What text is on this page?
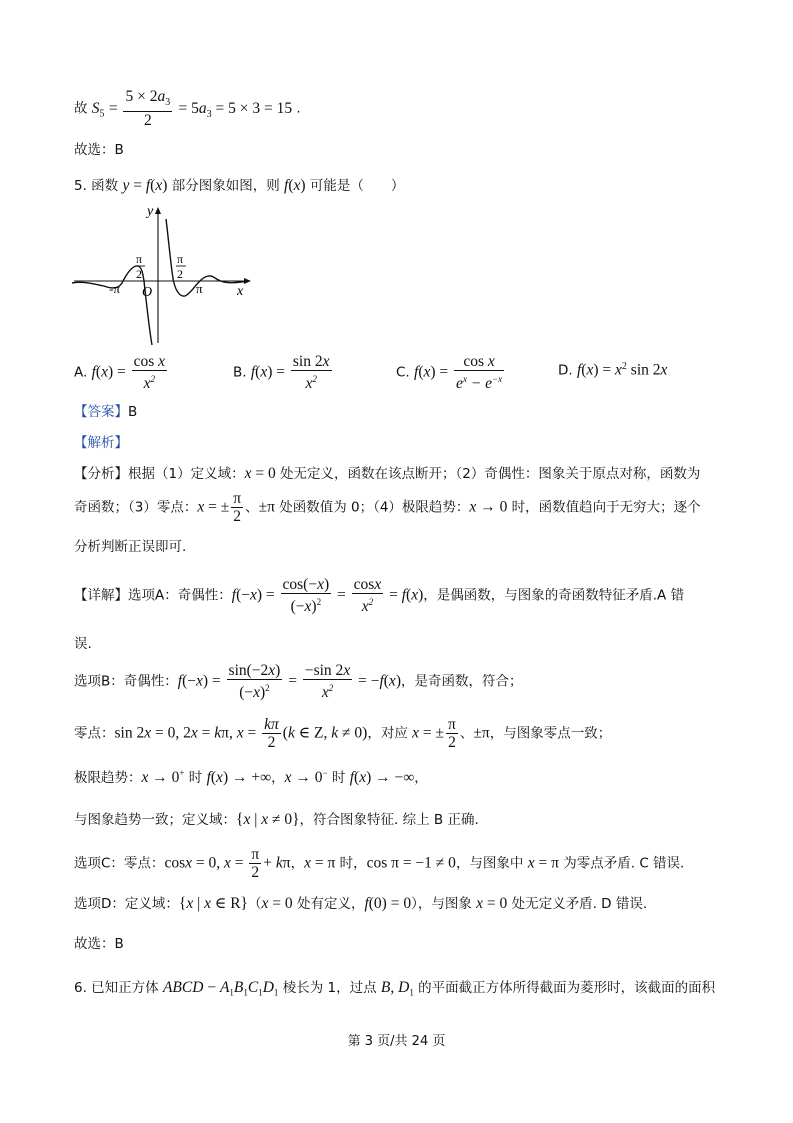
故 $S_5 = \frac{5 \times 2a_3}{2} = 5a_3 = 5 \times 3 = 15$ .
故选：B
5. 函数 y = f(x) 部分图象如图，则 f(x) 可能是（　　）
y
x
O
-π	π
π
2
π
2
A. $f(x) = \frac{\text{cos x}}{x^2}$	B. $f(x) = \frac{\sin 2x}{x^2}$	C. $f(x) = \frac{\text{cos x}}{e^x - e^{-x}}$	D. $f(x) = x^2$ sin 2x
【答案】B
【解析】
【分析】根据（1）定义域：x = 0 处无定义，函数在该点断开；（2）奇偶性：图象关于原点对称，函数为
奇函数；（3）零点：x = ± $\frac{\pi}{2}$ 、±π 处函数值为 0；（4）极限趋势：x → 0 时，函数值趋向于无穷大；逐个
分析判断正误即可.
【详解】选项A：奇偶性：$f(-x) = \frac{\cos(-x)}{(-x)^2} = \frac{\cos x}{x^2} = f(x)$，是偶函数，与图象的奇函数特征矛盾.A 错
误.
选项B：奇偶性：$f(-x) = \frac{\sin(-2x)}{(-x)^2} = \frac{-\sin 2x}{x^2} = -f(x)$，是奇函数，符合；
零点：sin 2x = 0, 2x = kπ, $x = \frac{k\pi}{2} (k$ ∈ Z, k ≠ 0)，对应 x = ± $\frac{\pi}{2}$ 、±π，与图象零点一致；
极限趋势：x → 0+ 时 f(x) → +∞，x → 0− 时 f(x) → −∞，
与图象趋势一致；定义域：{x | x ≠ 0}，符合图象特征. 综上 B 正确.
选项C：零点：cosx = 0, $x = \frac{\pi}{2} + k\pi$，x = π 时，cos π = −1 ≠ 0，与图象中 x = π 为零点矛盾. C 错误.
选项D：定义域：{x | x ∈ R}（x = 0 处有定义，f(0) = 0），与图象 x = 0 处无定义矛盾. D 错误.
故选：B
6. 已知正方体 ABCD − $A_1B_1C_1D_1$ 棱长为 1，过点 B, $D_1$ 的平面截正方体所得截面为菱形时，该截面的面积
第 3 页/共 24 页
